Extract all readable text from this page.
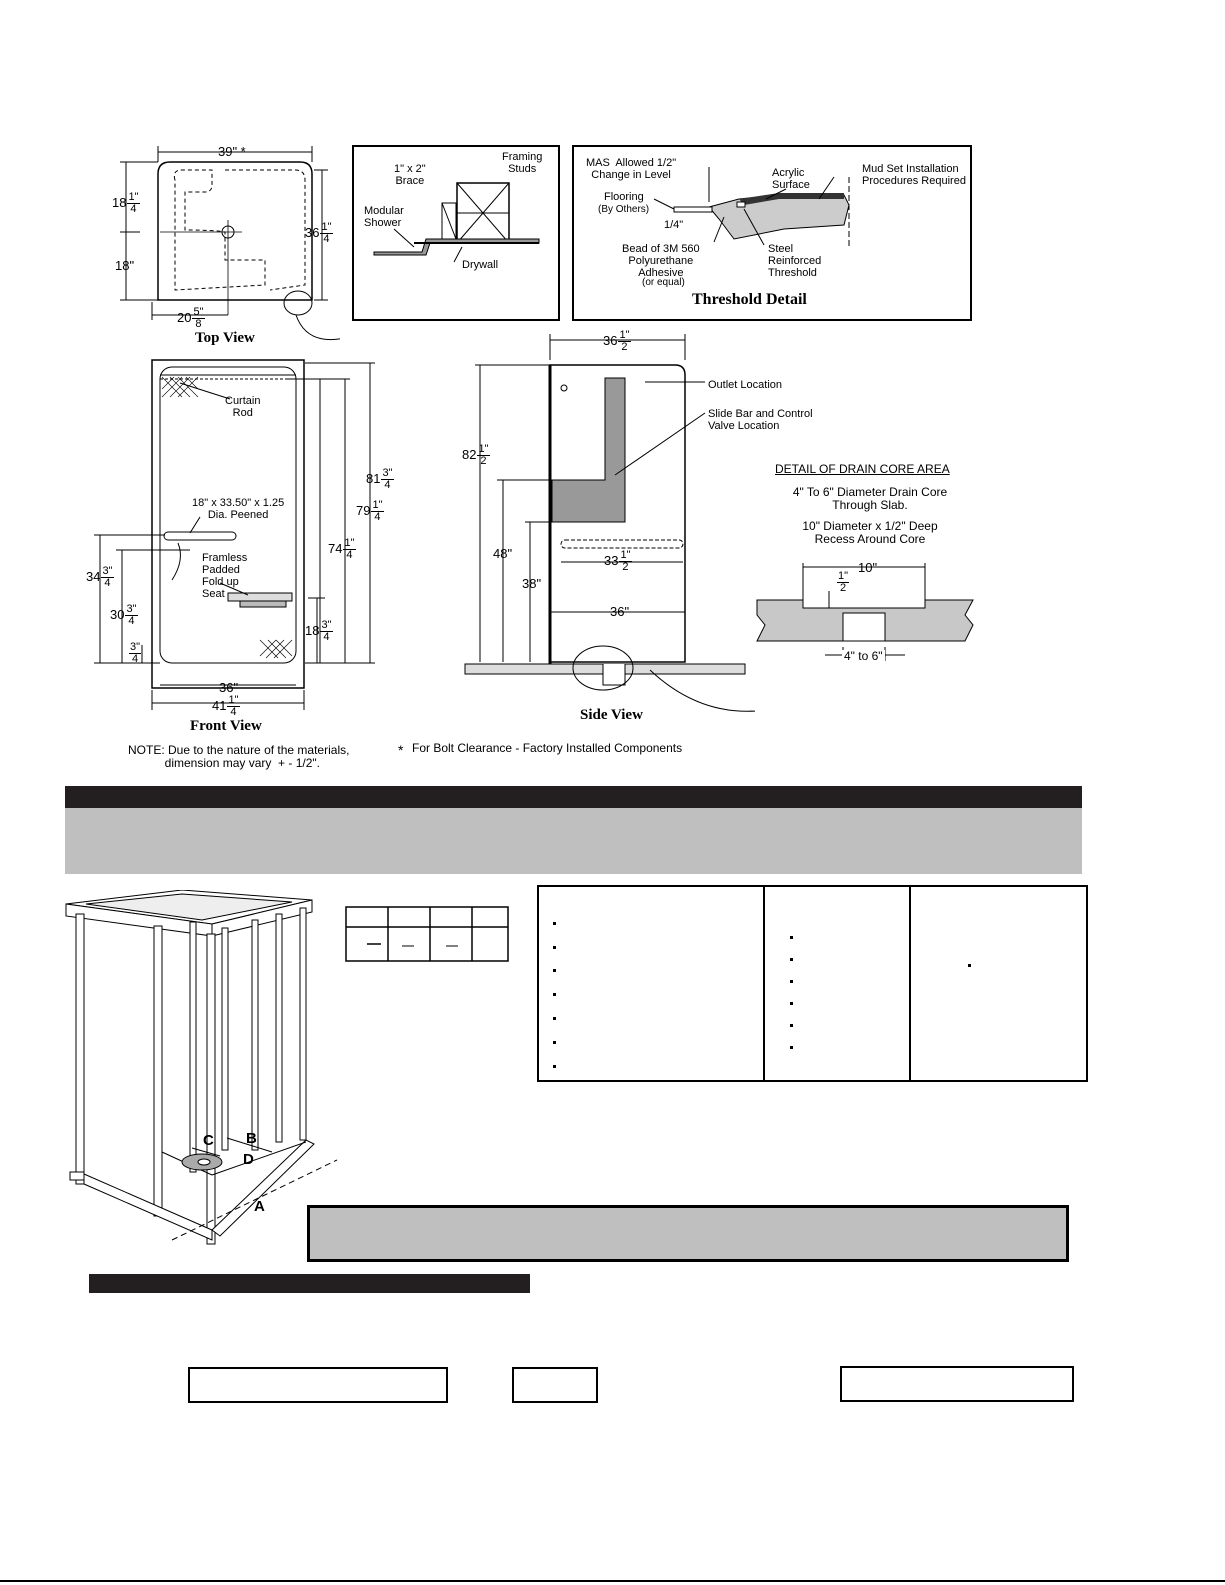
39" *
$18 \frac{1"}{4}$
18"
$36 \frac{1"}{4}$
$20 \frac{5"}{8}$
Top View
1" x 2"
Brace
Framing
Studs
Modular
Shower
Drywall
MAS  Allowed 1/2"
Change in Level	Acrylic
Surface
Mud Set Installation
Procedures Required
Flooring
(By Others)
1/4"
Bead of 3M 560
Polyurethane
Adhesive
(or equal)
Steel
Reinforced
Threshold
Threshold Detail
Curtain
Rod
18" x 33.50" x 1.25
Dia. Peened
Framless
Padded
Fold up
Seat
$81 \frac{3"}{4}$
$79 \frac{1"}{4}$
$74 \frac{1"}{4}$
$18 \frac{3"}{4}$
$34 \frac{3"}{4}$
$30 \frac{3"}{4}$
$\frac{3"}{4}$
36"
$41 \frac{1"}{4}$
Front View
$36 \frac{1"}{2}$
Outlet Location
Slide Bar and Control
Valve Location
$82 \frac{1"}{2}$
48"
38"
$33 \frac{1"}{2}$
36"
Side View
DETAIL OF DRAIN CORE AREA
4" To 6" Diameter Drain Core
Through Slab.
10" Diameter x 1/2" Deep
Recess Around Core
10"
$\frac{1"}{2}$
4" to 6"
NOTE: Due to the nature of the materials,
dimension may vary  + - 1/2".
* For Bolt Clearance - Factory Installed Components
C B
D
A
